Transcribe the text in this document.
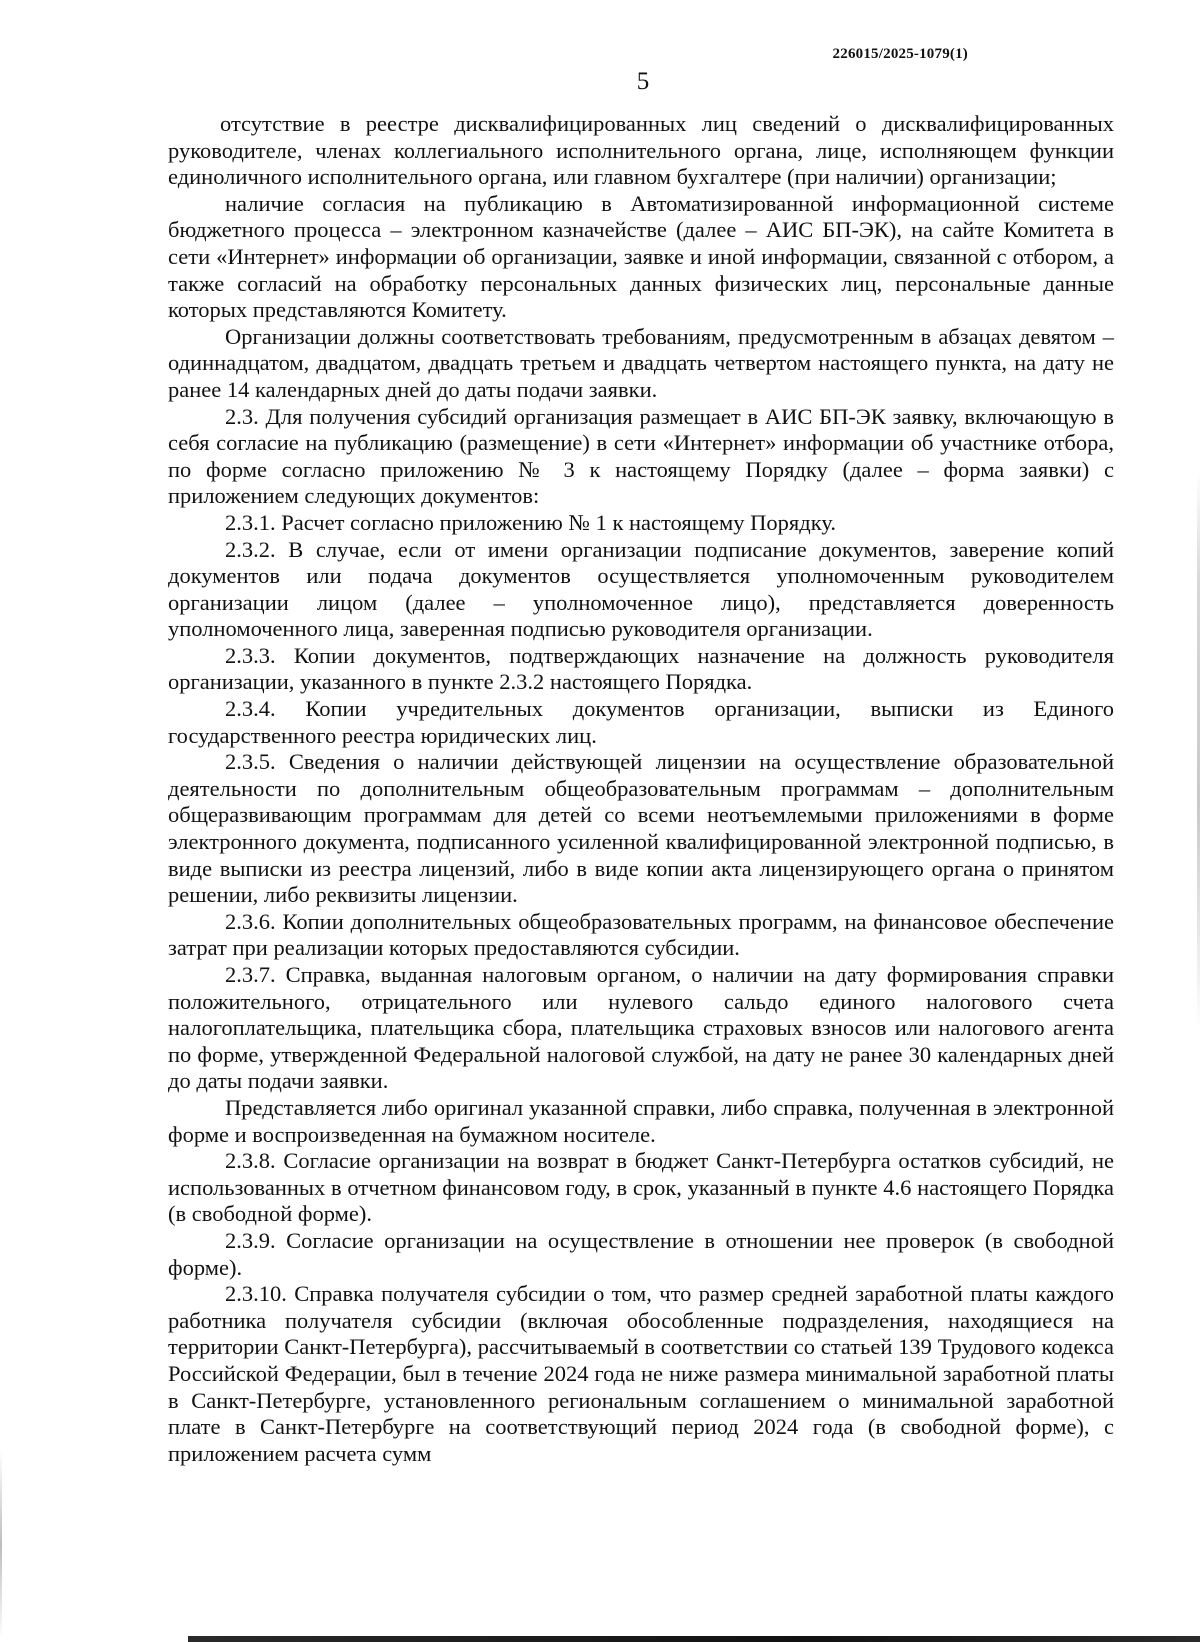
226015/2025-1079(1)
5

отсутствие в реестре дисквалифицированных лиц сведений о дисквалифицированных руководителе, членах коллегиального исполнительного органа, лице, исполняющем функции единоличного исполнительного органа, или главном бухгалтере (при наличии) организации;

наличие согласия на публикацию в Автоматизированной информационной системе бюджетного процесса – электронном казначействе (далее – АИС БП-ЭК), на сайте Комитета в сети «Интернет» информации об организации, заявке и иной информации, связанной с отбором, а также согласий на обработку персональных данных физических лиц, персональные данные которых представляются Комитету.

Организации должны соответствовать требованиям, предусмотренным в абзацах девятом – одиннадцатом, двадцатом, двадцать третьем и двадцать четвертом настоящего пункта, на дату не ранее 14 календарных дней до даты подачи заявки.

2.3. Для получения субсидий организация размещает в АИС БП-ЭК заявку, включающую в себя согласие на публикацию (размещение) в сети «Интернет» информации об участнике отбора, по форме согласно приложению № 3 к настоящему Порядку (далее – форма заявки) с приложением следующих документов:

2.3.1. Расчет согласно приложению № 1 к настоящему Порядку.

2.3.2. В случае, если от имени организации подписание документов, заверение копий документов или подача документов осуществляется уполномоченным руководителем организации лицом (далее – уполномоченное лицо), представляется доверенность уполномоченного лица, заверенная подписью руководителя организации.

2.3.3. Копии документов, подтверждающих назначение на должность руководителя организации, указанного в пункте 2.3.2 настоящего Порядка.

2.3.4. Копии учредительных документов организации, выписки из Единого государственного реестра юридических лиц.

2.3.5. Сведения о наличии действующей лицензии на осуществление образовательной деятельности по дополнительным общеобразовательным программам – дополнительным общеразвивающим программам для детей со всеми неотъемлемыми приложениями в форме электронного документа, подписанного усиленной квалифицированной электронной подписью, в виде выписки из реестра лицензий, либо в виде копии акта лицензирующего органа о принятом решении, либо реквизиты лицензии.

2.3.6. Копии дополнительных общеобразовательных программ, на финансовое обеспечение затрат при реализации которых предоставляются субсидии.

2.3.7. Справка, выданная налоговым органом, о наличии на дату формирования справки положительного, отрицательного или нулевого сальдо единого налогового счета налогоплательщика, плательщика сбора, плательщика страховых взносов или налогового агента по форме, утвержденной Федеральной налоговой службой, на дату не ранее 30 календарных дней до даты подачи заявки.

Представляется либо оригинал указанной справки, либо справка, полученная в электронной форме и воспроизведенная на бумажном носителе.

2.3.8. Согласие организации на возврат в бюджет Санкт-Петербурга остатков субсидий, не использованных в отчетном финансовом году, в срок, указанный в пункте 4.6 настоящего Порядка (в свободной форме).

2.3.9. Согласие организации на осуществление в отношении нее проверок (в свободной форме).

2.3.10. Справка получателя субсидии о том, что размер средней заработной платы каждого работника получателя субсидии (включая обособленные подразделения, находящиеся на территории Санкт-Петербурга), рассчитываемый в соответствии со статьей 139 Трудового кодекса Российской Федерации, был в течение 2024 года не ниже размера минимальной заработной платы в Санкт-Петербурге, установленного региональным соглашением о минимальной заработной плате в Санкт-Петербурге на соответствующий период 2024 года (в свободной форме), с приложением расчета сумм
